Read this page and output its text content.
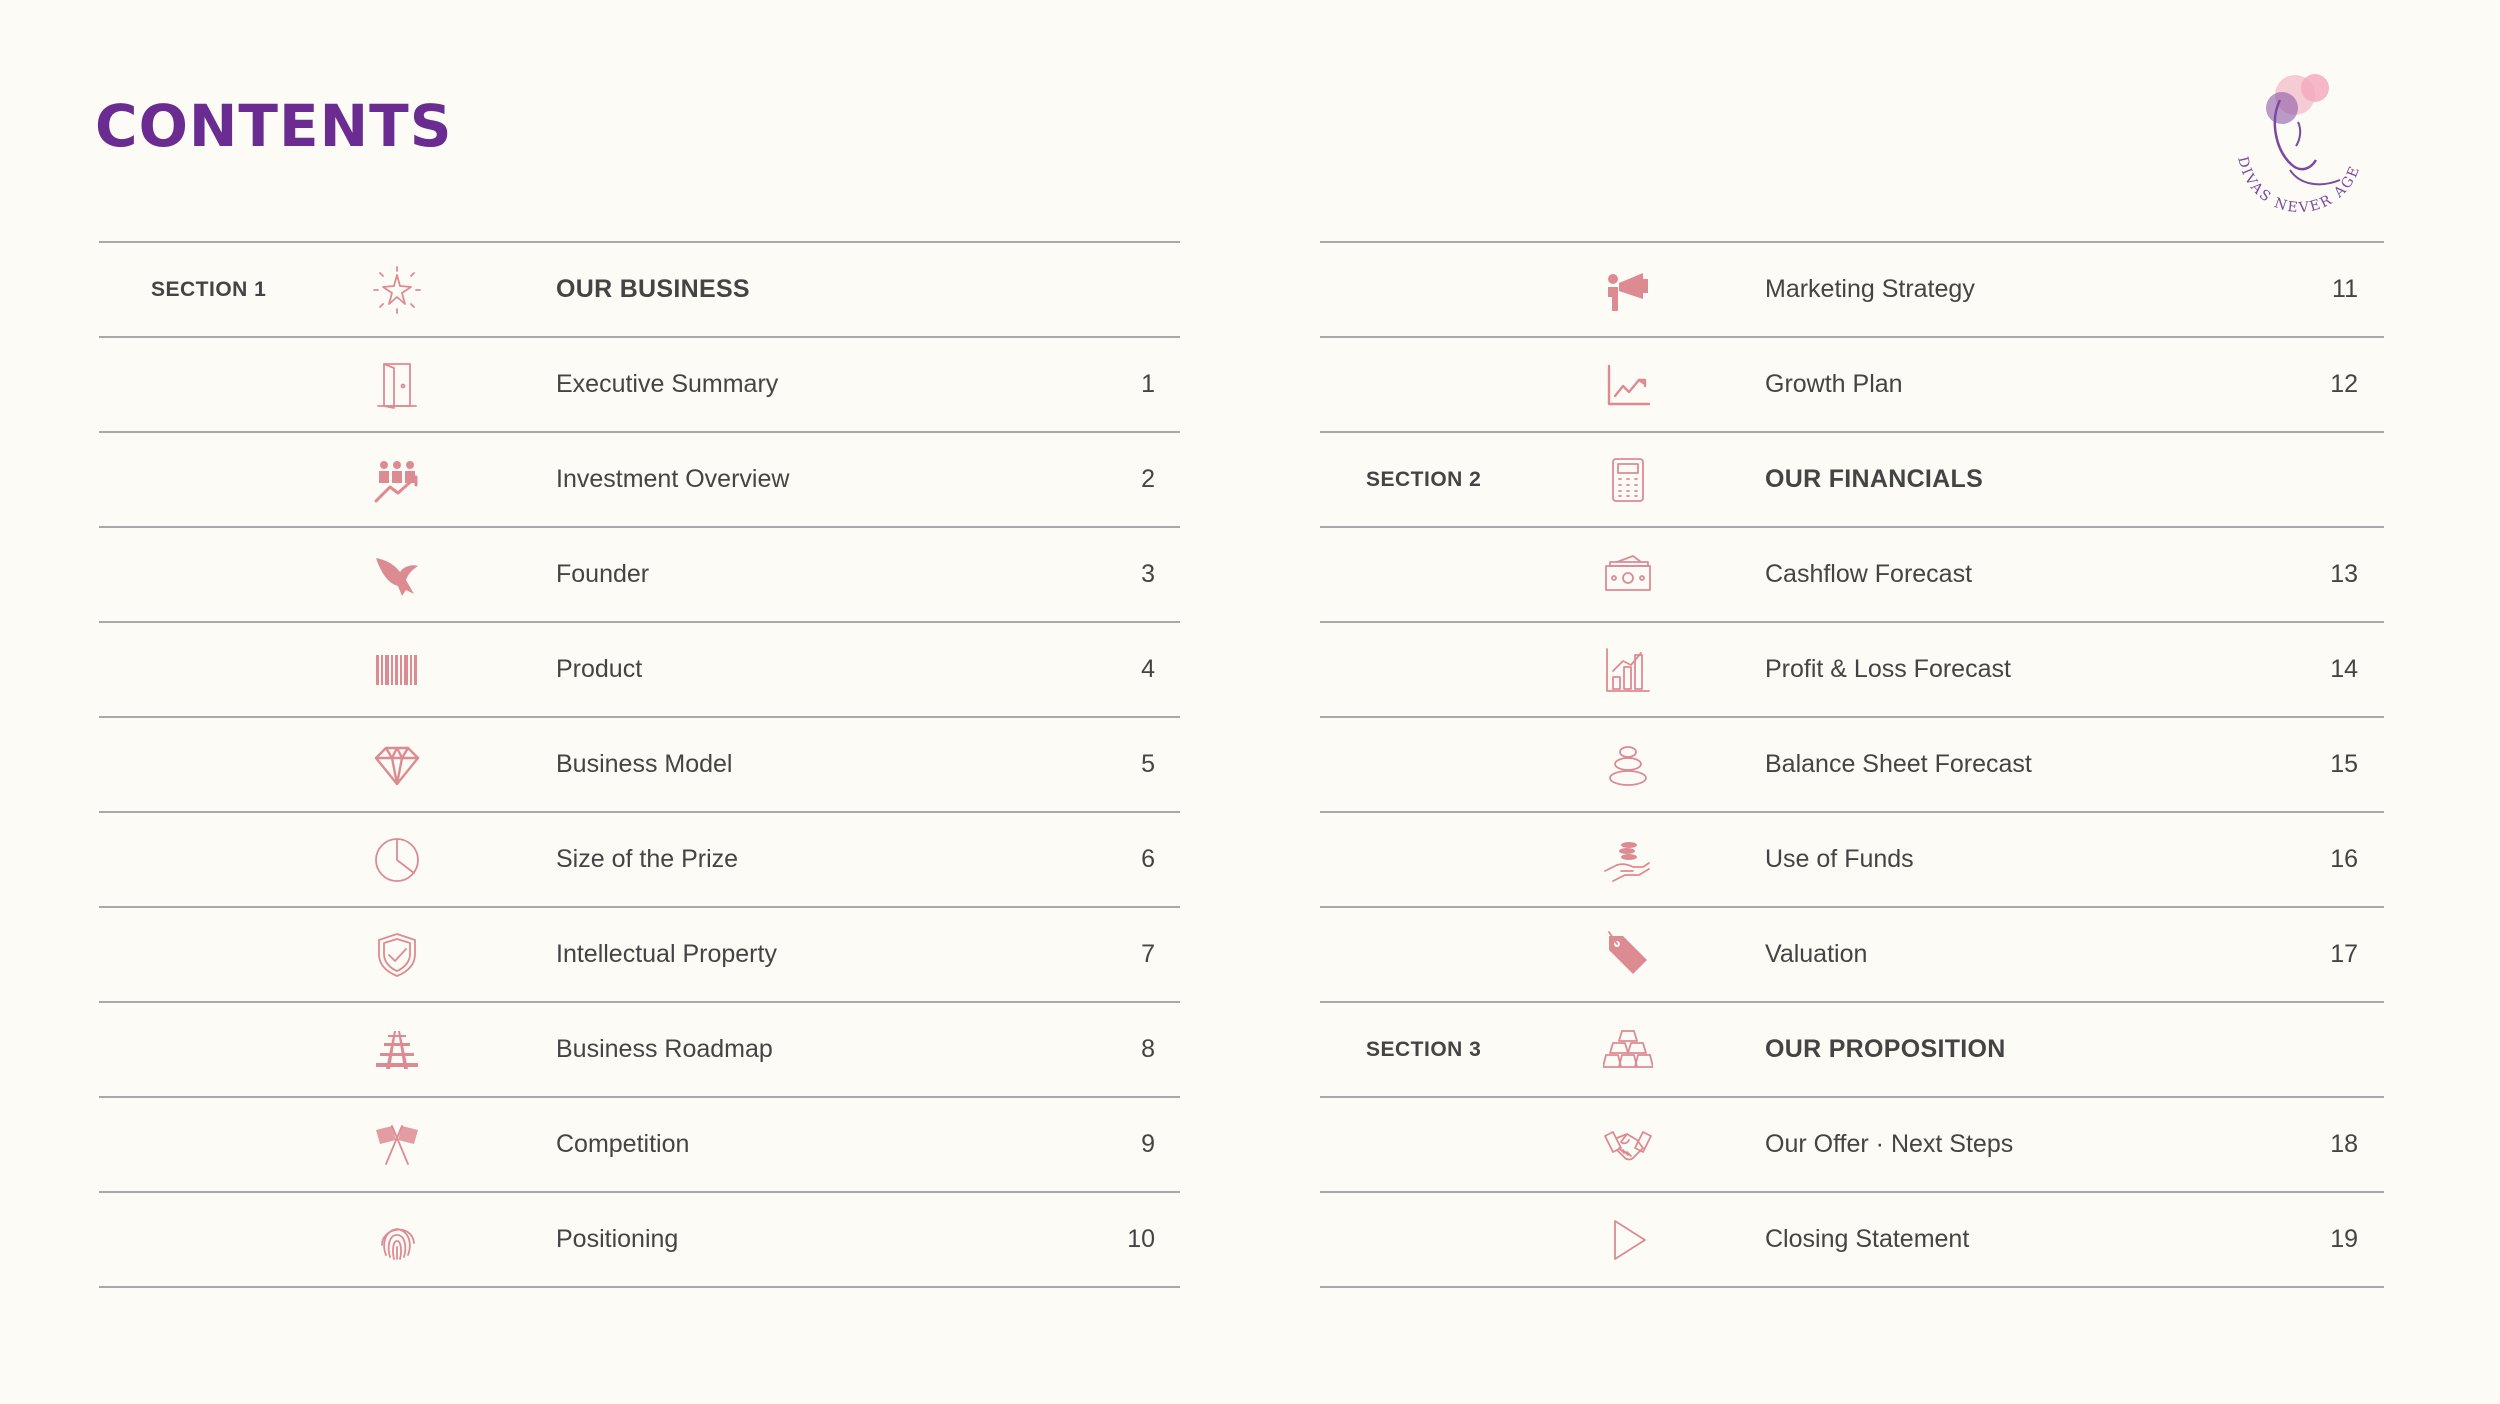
CONTENTS
DIVAS NEVER AGE
SECTION 1	OUR BUSINESS
Executive Summary	1
Investment Overview	2
Founder	3
Product	4
Business Model	5
Size of the Prize	6
Intellectual Property	7
Business Roadmap	8
Competition	9
Positioning	10
Marketing Strategy	11
Growth Plan	12
SECTION 2	OUR FINANCIALS
Cashflow Forecast	13
Profit & Loss Forecast	14
Balance Sheet Forecast	15
Use of Funds	16
Valuation	17
SECTION 3	OUR PROPOSITION
Our Offer · Next Steps	18
Closing Statement	19
